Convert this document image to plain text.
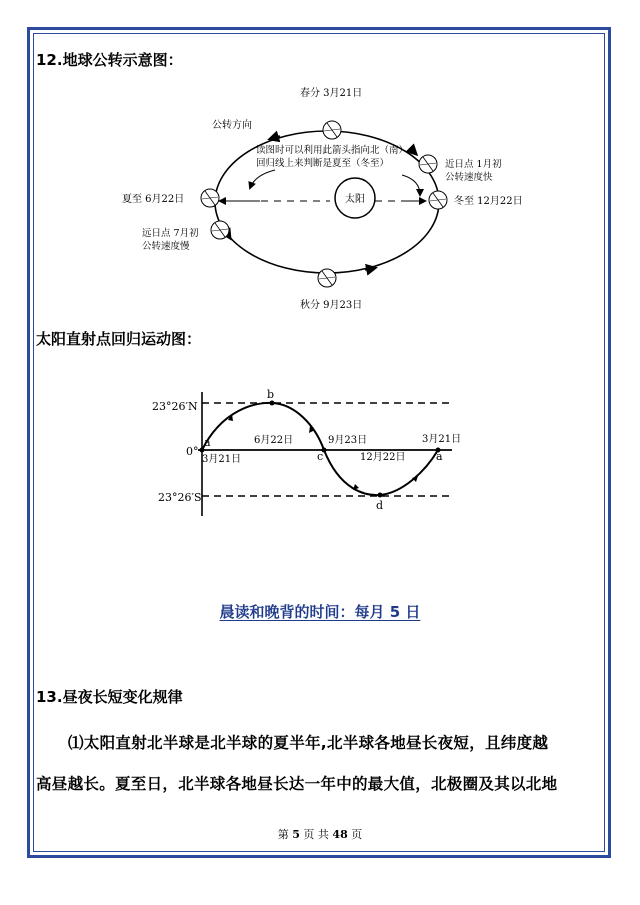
12.地球公转示意图：
太阳
春分 3月21日
公转方向
读图时可以利用此箭头指向北（南）
回归线上来判断是夏至（冬至）	近日点 1月初
公转速度快
夏至 6月22日	冬至 12月22日
远日点 7月初
公转速度慢
秋分 9月23日
太阳直射点回归运动图：
23°26′N
0°
23°26′S
a
b
c
d
a
3月21日
6月22日	9月23日
12月22日
3月21日
晨读和晚背的时间：每月 5 日
13.昼夜长短变化规律
⑴太阳直射北半球是北半球的夏半年,北半球各地昼长夜短，且纬度越
高昼越长。夏至日，北半球各地昼长达一年中的最大值，北极圈及其以北地
第 5 页 共 48 页
